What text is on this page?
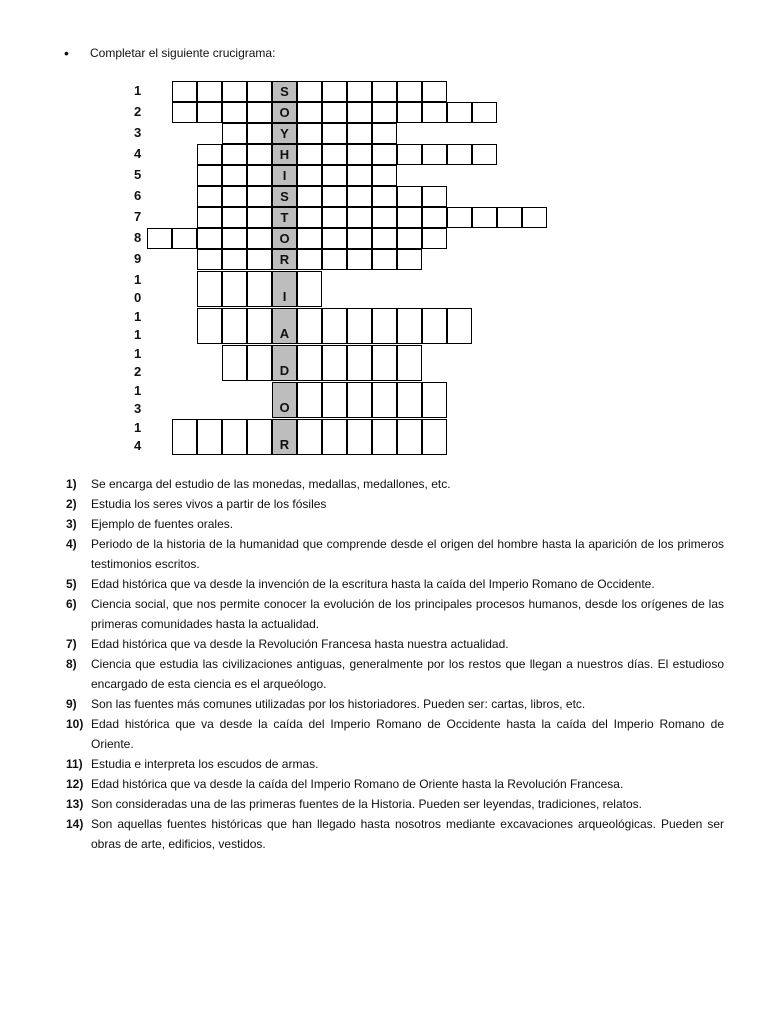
• Completar el siguiente crucigrama:
1	S
2	O
3	Y
4	H
5	I
6	S
7	T
8	O
9	R
1
0	I
1
1	A
1
2	D
1
3	O
1
4	R
1) Se encarga del estudio de las monedas, medallas, medallones, etc.
2) Estudia los seres vivos a partir de los fósiles
3) Ejemplo de fuentes orales.
4) Periodo de la historia de la humanidad que comprende desde el origen del hombre hasta la aparición de los primeros testimonios escritos.
5) Edad histórica que va desde la invención de la escritura hasta la caída del Imperio Romano de Occidente.
6) Ciencia social, que nos permite conocer la evolución de los principales procesos humanos, desde los orígenes de las primeras comunidades hasta la actualidad.
7) Edad histórica que va desde la Revolución Francesa hasta nuestra actualidad.
8) Ciencia que estudia las civilizaciones antiguas, generalmente por los restos que llegan a nuestros días. El estudioso encargado de esta ciencia es el arqueólogo.
9) Son las fuentes más comunes utilizadas por los historiadores. Pueden ser: cartas, libros, etc.
10) Edad histórica que va desde la caída del Imperio Romano de Occidente hasta la caída del Imperio Romano de Oriente.
11) Estudia e interpreta los escudos de armas.
12) Edad histórica que va desde la caída del Imperio Romano de Oriente hasta la Revolución Francesa.
13) Son consideradas una de las primeras fuentes de la Historia. Pueden ser leyendas, tradiciones, relatos.
14) Son aquellas fuentes históricas que han llegado hasta nosotros mediante excavaciones arqueológicas. Pueden ser obras de arte, edificios, vestidos.
